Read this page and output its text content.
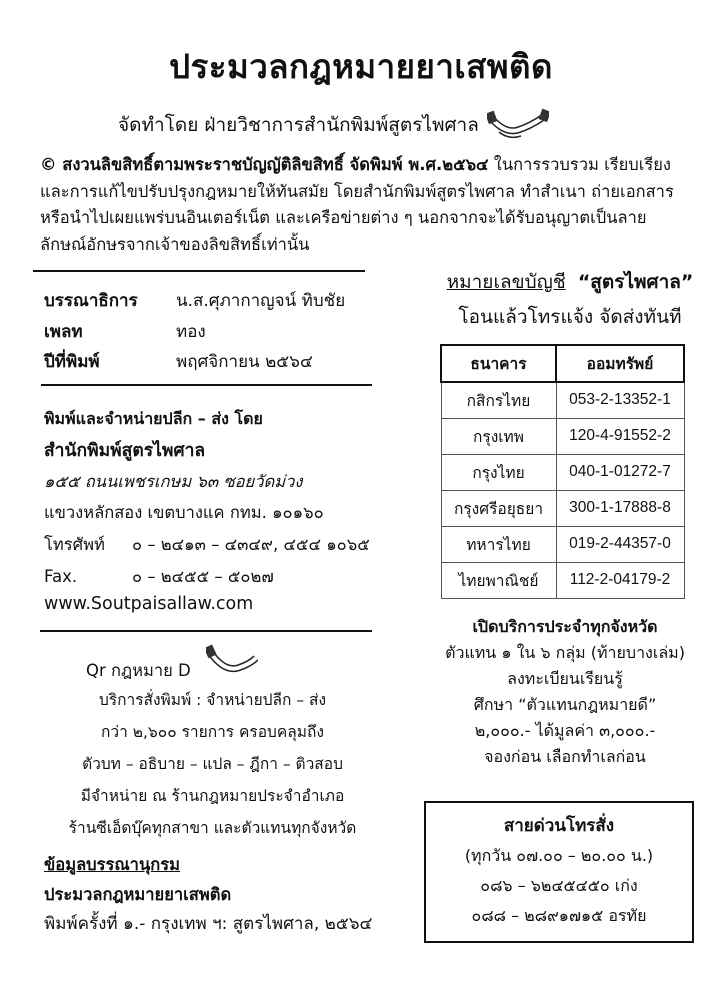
ประมวลกฎหมายยาเสพติด
จัดทำโดย ฝ่ายวิชาการสำนักพิมพ์สูตรไพศาล
© สงวนลิขสิทธิ์ตามพระราชบัญญัติลิขสิทธิ์ จัดพิมพ์ พ.ศ.๒๕๖๔ ในการรวบรวม เรียบเรียง และการแก้ไขปรับปรุงกฎหมายให้ทันสมัย โดยสำนักพิมพ์สูตรไพศาล ทำสำเนา ถ่ายเอกสาร หรือนำไปเผยแพร่บนอินเตอร์เน็ต และเครือข่ายต่าง ๆ นอกจากจะได้รับอนุญาตเป็นลายลักษณ์อักษรจากเจ้าของลิขสิทธิ์เท่านั้น
บรรณาธิการ น.ส.ศุภากาญจน์ ทิบชัย
เพลท	ทอง
ปีที่พิมพ์	พฤศจิกายน ๒๕๖๔
พิมพ์และจำหน่ายปลีก – ส่ง โดย
สำนักพิมพ์สูตรไพศาล
๑๕๕ ถนนเพชรเกษม ๖๓ ซอยวัดม่วง
แขวงหลักสอง เขตบางแค กทม. ๑๐๑๖๐
โทรศัพท์ ๐ – ๒๔๑๓ – ๔๓๔๙, ๔๕๔ ๑๐๖๕
Fax.	๐ – ๒๔๕๕ – ๕๐๒๗
www.Soutpaisallaw.com
Qr กฎหมาย D
บริการสั่งพิมพ์ : จำหน่ายปลีก – ส่ง
กว่า ๒,๖๐๐ รายการ ครอบคลุมถึง
ตัวบท – อธิบาย – แปล – ฎีกา – ติวสอบ
มีจำหน่าย ณ ร้านกฎหมายประจำอำเภอ
ร้านซีเอ็ดบุ๊คทุกสาขา และตัวแทนทุกจังหวัด
ข้อมูลบรรณานุกรม
ประมวลกฎหมายยาเสพติด
พิมพ์ครั้งที่ ๑.- กรุงเทพ ฯ: สูตรไพศาล, ๒๕๖๔
หมายเลขบัญชี “สูตรไพศาล”
โอนแล้วโทรแจ้ง จัดส่งทันที
ธนาคาร	ออมทรัพย์
กสิกรไทย	053-2-13352-1
กรุงเทพ	120-4-91552-2
กรุงไทย	040-1-01272-7
กรุงศรีอยุธยา	300-1-17888-8
ทหารไทย	019-2-44357-0
ไทยพาณิชย์	112-2-04179-2
เปิดบริการประจำทุกจังหวัด
ตัวแทน ๑ ใน ๖ กลุ่ม (ท้ายบางเล่ม)
ลงทะเบียนเรียนรู้
ศึกษา “ตัวแทนกฎหมายดี”
๒,๐๐๐.- ได้มูลค่า ๓,๐๐๐.-
จองก่อน เลือกทำเลก่อน
สายด่วนโทรสั่ง
(ทุกวัน ๐๗.๐๐ – ๒๐.๐๐ น.)
๐๘๖ – ๖๒๔๕๔๕๐ เก่ง
๐๘๘ – ๒๘๙๑๗๑๕ อรทัย
